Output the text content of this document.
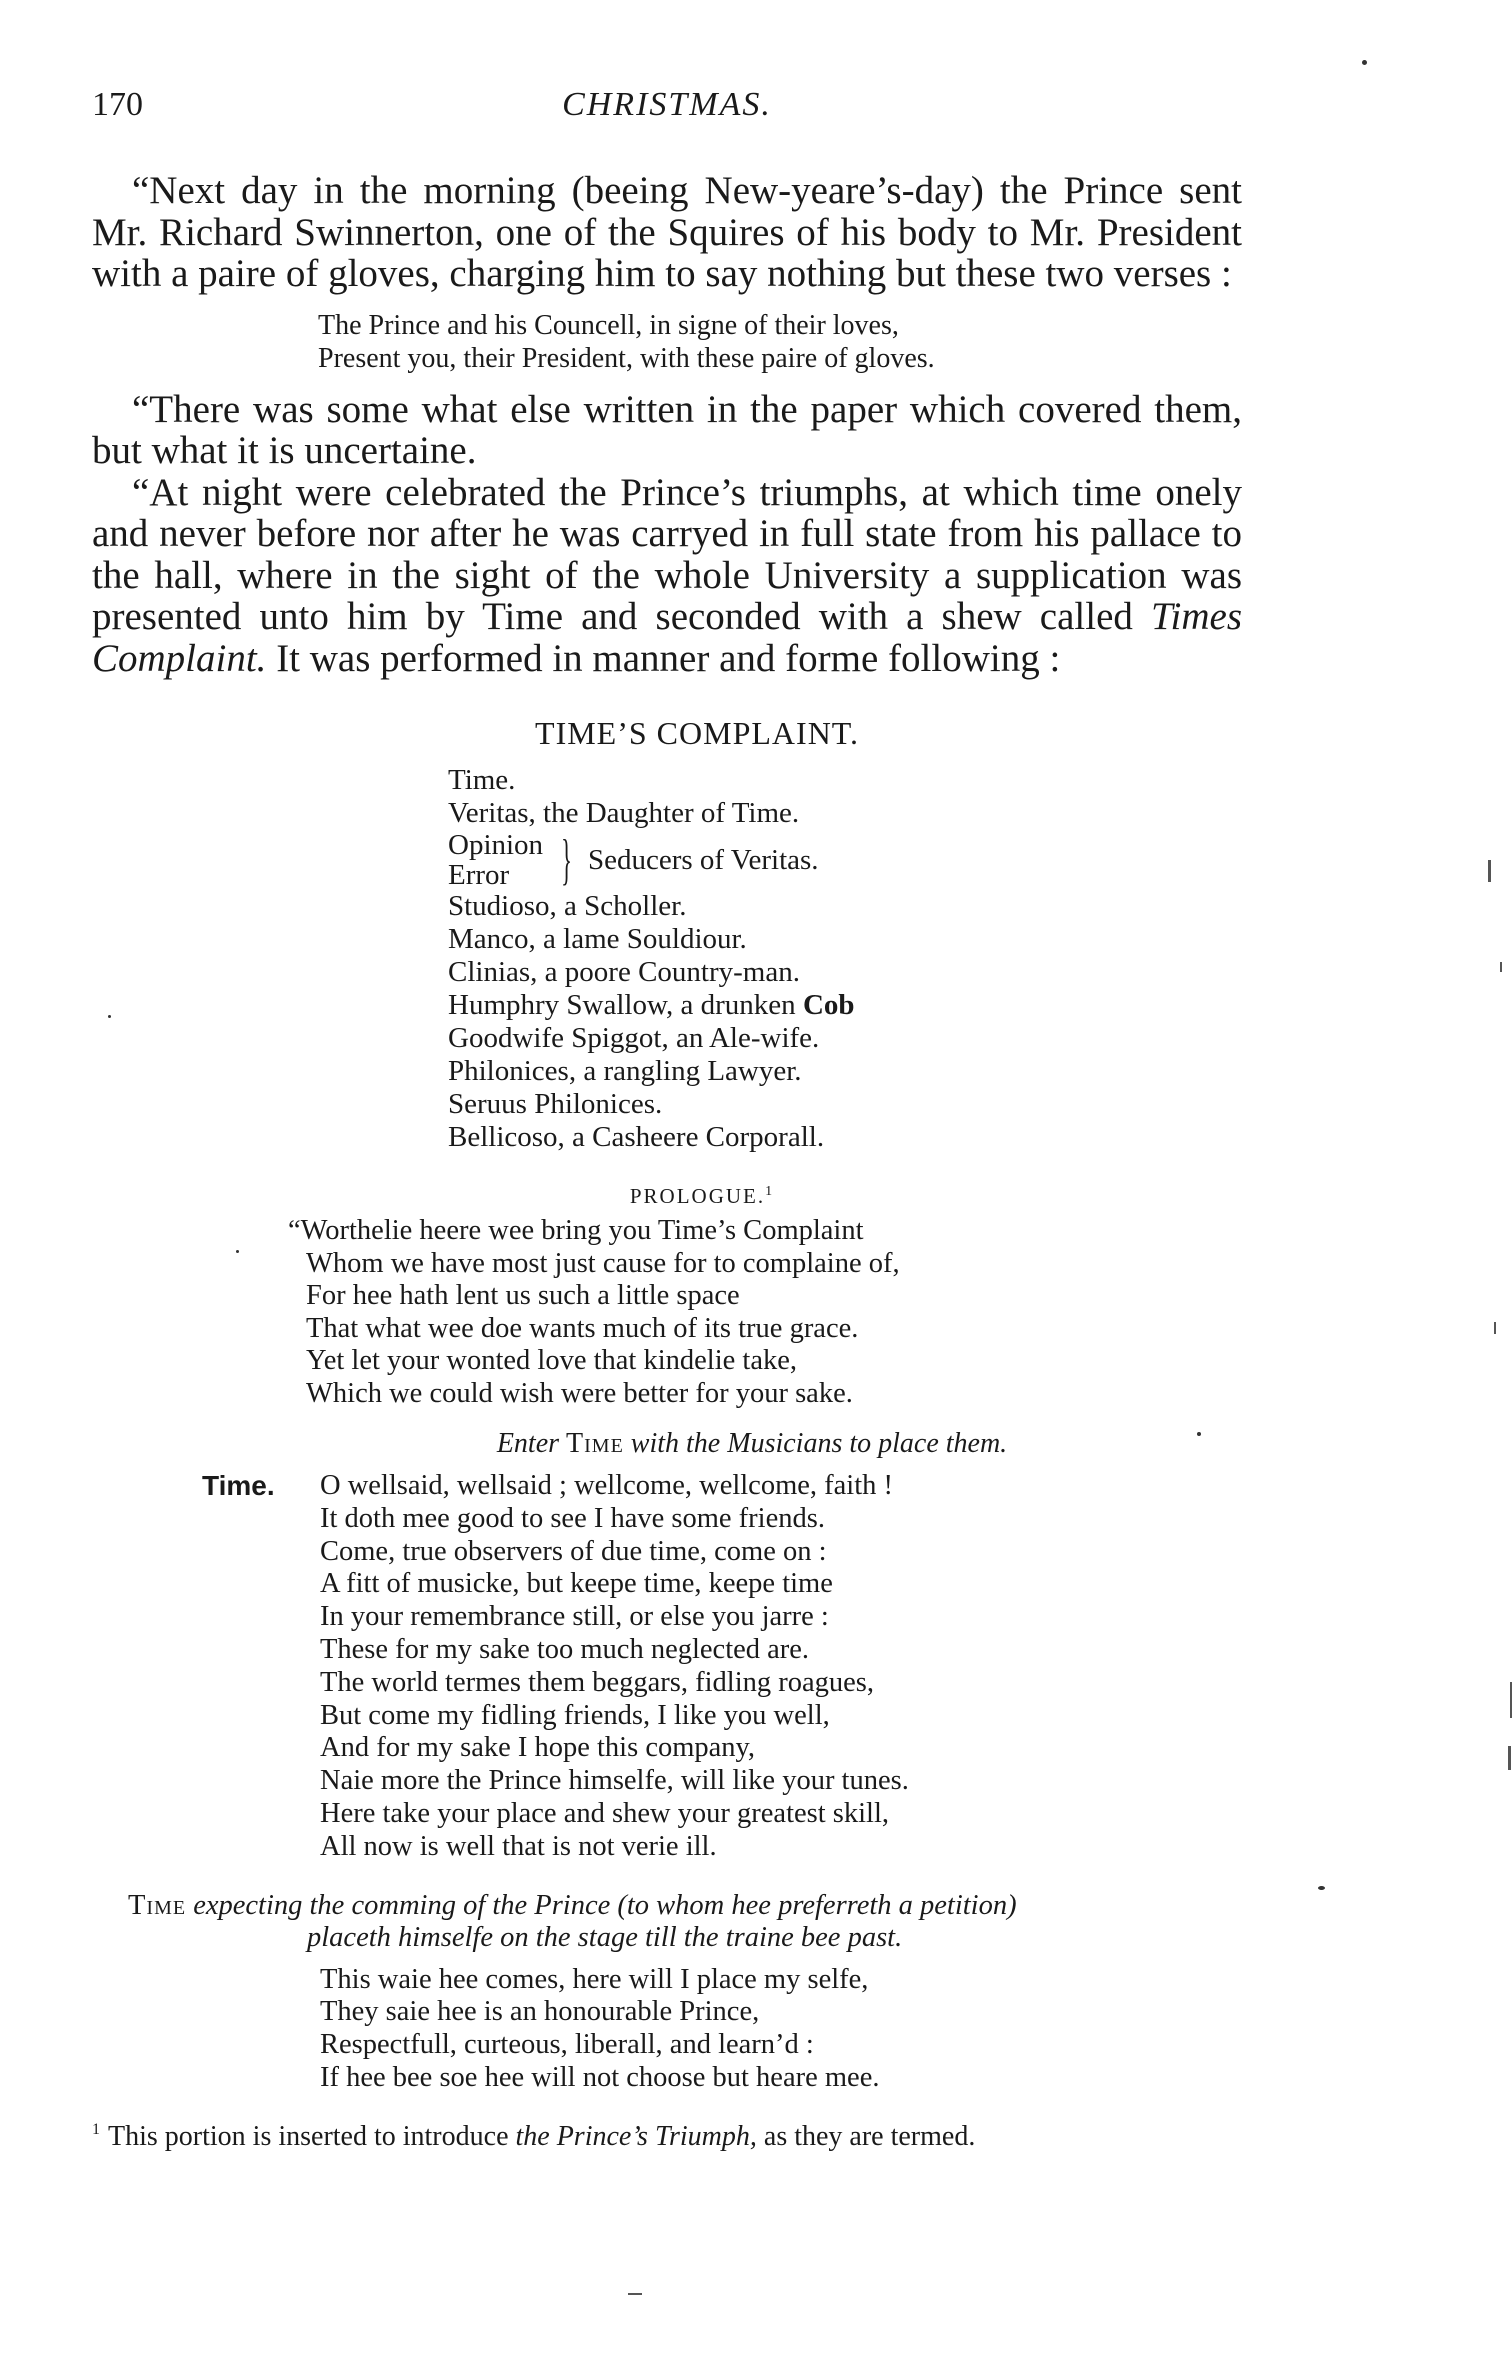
170	CHRISTMAS.

“Next day in the morning (beeing New-yeare’s-day) the Prince sent Mr. Richard Swinnerton, one of the Squires of his body to Mr. President with a paire of gloves, charging him to say nothing but these two verses :

The Prince and his Councell, in signe of their loves,
Present you, their President, with these paire of gloves.

“There was some what else written in the paper which covered them, but what it is uncertaine.

“At night were celebrated the Prince’s triumphs, at which time onely and never before nor after he was carryed in full state from his pallace to the hall, where in the sight of the whole University a supplication was presented unto him by Time and seconded with a shew called Times Complaint. It was performed in manner and forme following :

TIME’S COMPLAINT.
Time.
Veritas, the Daughter of Time.
Opinion
Error } Seducers of Veritas.
Studioso, a Scholler.
Manco, a lame Souldiour.
Clinias, a poore Country-man.
Humphry Swallow, a drunken Cob
Goodwife Spiggot, an Ale-wife.
Philonices, a rangling Lawyer.
Seruus Philonices.
Bellicoso, a Casheere Corporall.
PROLOGUE.$^1$
“Worthelie heere wee bring you Time’s Complaint
Whom we have most just cause for to complaine of,
For hee hath lent us such a little space
That what wee doe wants much of its true grace.
Yet let your wonted love that kindelie take,
Which we could wish were better for your sake.
Enter Time with the Musicians to place them.
Time. O wellsaid, wellsaid ; wellcome, wellcome, faith !
It doth mee good to see I have some friends.
Come, true observers of due time, come on :
A fitt of musicke, but keepe time, keepe time
In your remembrance still, or else you jarre :
These for my sake too much neglected are.
The world termes them beggars, fidling roagues,
But come my fidling friends, I like you well,
And for my sake I hope this company,
Naie more the Prince himselfe, will like your tunes.
Here take your place and shew your greatest skill,
All now is well that is not verie ill.
Time expecting the comming of the Prince (to whom hee preferreth a petition)
placeth himselfe on the stage till the traine bee past.
This waie hee comes, here will I place my selfe,
They saie hee is an honourable Prince,
Respectfull, curteous, liberall, and learn’d :
If hee bee soe hee will not choose but heare mee.
$^1$ This portion is inserted to introduce the Prince’s Triumph, as they are termed.
